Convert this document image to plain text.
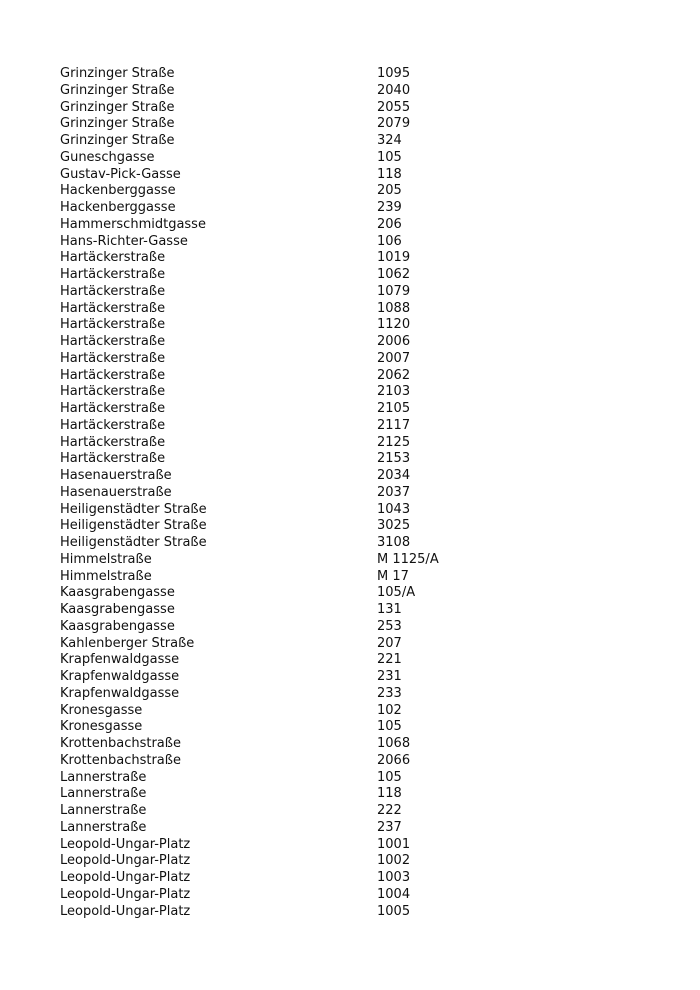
Grinzinger Straße	1095
Grinzinger Straße	2040
Grinzinger Straße	2055
Grinzinger Straße	2079
Grinzinger Straße	324
Guneschgasse	105
Gustav-Pick-Gasse	118
Hackenberggasse	205
Hackenberggasse	239
Hammerschmidtgasse	206
Hans-Richter-Gasse	106
Hartäckerstraße	1019
Hartäckerstraße	1062
Hartäckerstraße	1079
Hartäckerstraße	1088
Hartäckerstraße	1120
Hartäckerstraße	2006
Hartäckerstraße	2007
Hartäckerstraße	2062
Hartäckerstraße	2103
Hartäckerstraße	2105
Hartäckerstraße	2117
Hartäckerstraße	2125
Hartäckerstraße	2153
Hasenauerstraße	2034
Hasenauerstraße	2037
Heiligenstädter Straße	1043
Heiligenstädter Straße	3025
Heiligenstädter Straße	3108
Himmelstraße	M 1125/A
Himmelstraße	M 17
Kaasgrabengasse	105/A
Kaasgrabengasse	131
Kaasgrabengasse	253
Kahlenberger Straße	207
Krapfenwaldgasse	221
Krapfenwaldgasse	231
Krapfenwaldgasse	233
Kronesgasse	102
Kronesgasse	105
Krottenbachstraße	1068
Krottenbachstraße	2066
Lannerstraße	105
Lannerstraße	118
Lannerstraße	222
Lannerstraße	237
Leopold-Ungar-Platz	1001
Leopold-Ungar-Platz	1002
Leopold-Ungar-Platz	1003
Leopold-Ungar-Platz	1004
Leopold-Ungar-Platz	1005
